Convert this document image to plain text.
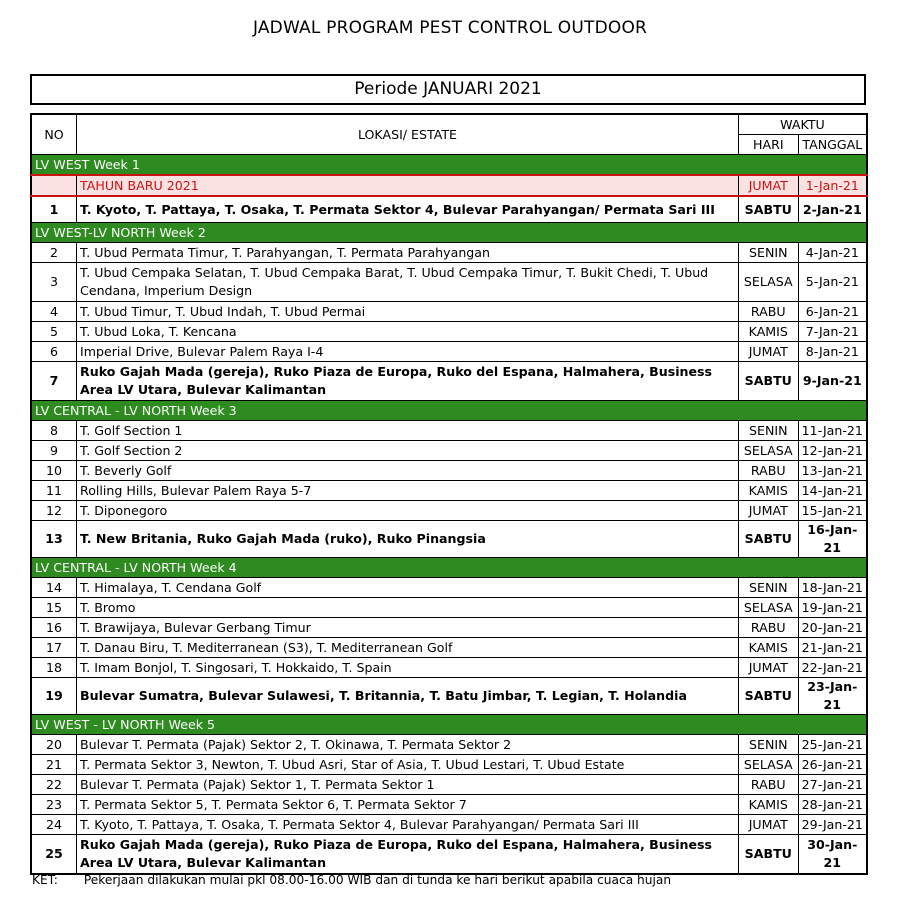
JADWAL PROGRAM PEST CONTROL OUTDOOR
Periode JANUARI 2021
NO	LOKASI/ ESTATE	WAKTU	
		HARI	TANGGAL
LV WEST Week 1			
	TAHUN BARU 2021	JUMAT	1-Jan-21
1	T. Kyoto, T. Pattaya, T. Osaka, T. Permata Sektor 4, Bulevar Parahyangan/ Permata Sari III	SABTU	2-Jan-21
LV WEST-LV NORTH Week 2			
2	T. Ubud Permata Timur, T. Parahyangan, T. Permata Parahyangan	SENIN	4-Jan-21
3	T. Ubud Cempaka Selatan, T. Ubud Cempaka Barat, T. Ubud Cempaka Timur, T. Bukit Chedi, T. Ubud Cendana, Imperium Design	SELASA	5-Jan-21
4	T. Ubud Timur, T. Ubud Indah, T. Ubud Permai	RABU	6-Jan-21
5	T. Ubud Loka, T. Kencana	KAMIS	7-Jan-21
6	Imperial Drive, Bulevar Palem Raya I-4	JUMAT	8-Jan-21
7	Ruko Gajah Mada (gereja), Ruko Piaza de Europa, Ruko del Espana, Halmahera, Business Area LV Utara, Bulevar Kalimantan	SABTU	9-Jan-21
LV CENTRAL - LV NORTH Week 3			
8	T. Golf Section 1	SENIN	11-Jan-21
9	T. Golf Section 2	SELASA	12-Jan-21
10	T. Beverly Golf	RABU	13-Jan-21
11	Rolling Hills, Bulevar Palem Raya 5-7	KAMIS	14-Jan-21
12	T. Diponegoro	JUMAT	15-Jan-21
13	T. New Britania, Ruko Gajah Mada (ruko), Ruko Pinangsia	SABTU	16-Jan-21
LV CENTRAL - LV NORTH Week 4			
14	T. Himalaya, T. Cendana Golf	SENIN	18-Jan-21
15	T. Bromo	SELASA	19-Jan-21
16	T. Brawijaya, Bulevar Gerbang Timur	RABU	20-Jan-21
17	T. Danau Biru, T. Mediterranean (S3), T. Mediterranean Golf	KAMIS	21-Jan-21
18	T. Imam Bonjol, T. Singosari, T. Hokkaido, T. Spain	JUMAT	22-Jan-21
19	Bulevar Sumatra, Bulevar Sulawesi, T. Britannia, T. Batu Jimbar, T. Legian, T. Holandia	SABTU	23-Jan-21
LV WEST - LV NORTH Week 5			
20	Bulevar T. Permata (Pajak) Sektor 2, T. Okinawa, T. Permata Sektor 2	SENIN	25-Jan-21
21	T. Permata Sektor 3, Newton, T. Ubud Asri, Star of Asia, T. Ubud Lestari, T. Ubud Estate	SELASA	26-Jan-21
22	Bulevar T. Permata (Pajak) Sektor 1, T. Permata Sektor 1	RABU	27-Jan-21
23	T. Permata Sektor 5, T. Permata Sektor 6, T. Permata Sektor 7	KAMIS	28-Jan-21
24	T. Kyoto, T. Pattaya, T. Osaka, T. Permata Sektor 4, Bulevar Parahyangan/ Permata Sari III	JUMAT	29-Jan-21
25	Ruko Gajah Mada (gereja), Ruko Piaza de Europa, Ruko del Espana, Halmahera, Business Area LV Utara, Bulevar Kalimantan	SABTU	30-Jan-21
KET: Pekerjaan dilakukan mulai pkl 08.00-16.00 WIB dan di tunda ke hari berikut apabila cuaca hujan
